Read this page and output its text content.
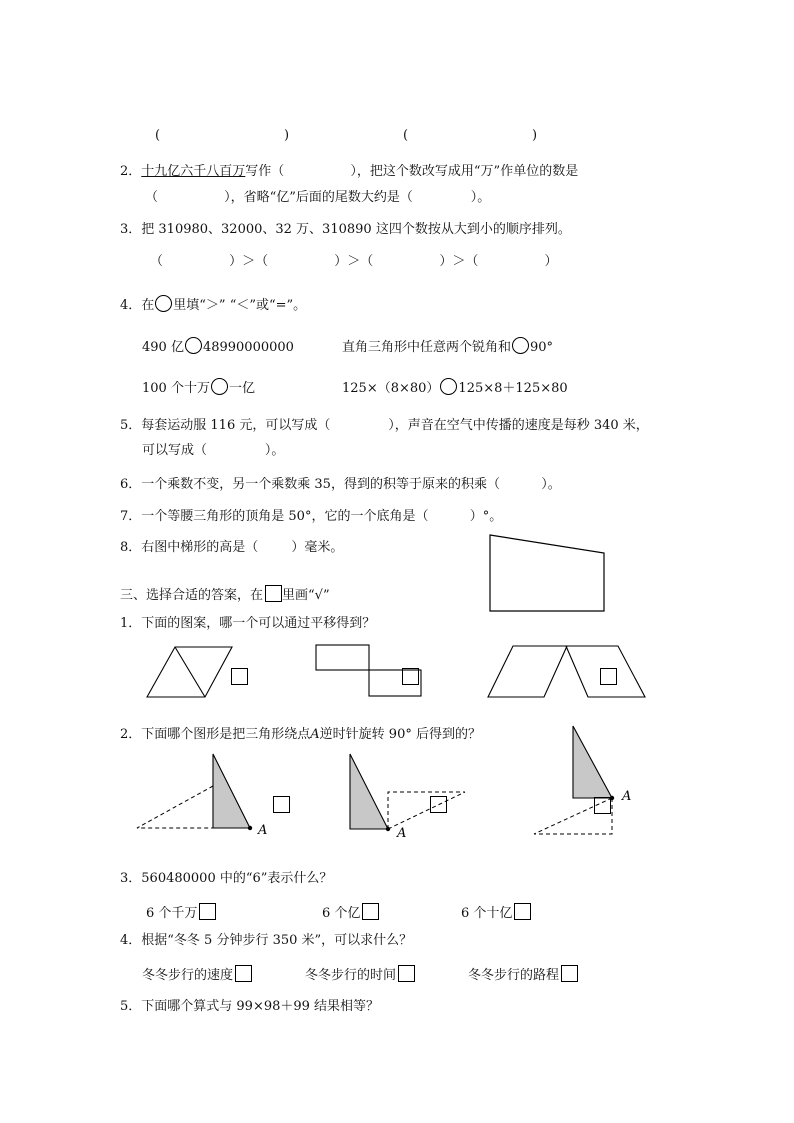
(                              )	(                              )
2．十九亿六千八百万写作（                ），把这个数改写成用“万”作单位的数是
（                ），省略“亿”后面的尾数大约是（              ）。
3．把 310980、32000、32 万、310890 这四个数按从大到小的顺序排列。
（                ）＞（                ）＞（                ）＞（                ）
4．在 里填“＞” “＜”或“=”。
490 亿 48990000000	直角三角形中任意两个锐角和 90°
100 个十万 一亿	125×（8×80） 125×8＋125×80
5．每套运动服 116 元，可以写成（              ），声音在空气中传播的速度是每秒 340 米，
可以写成（              ）。
6．一个乘数不变，另一个乘数乘 35，得到的积等于原来的积乘（          ）。
7．一个等腰三角形的顶角是 50°，它的一个底角是（          ）°。
8．右图中梯形的高是（        ）毫米。
三、选择合适的答案，在 里画“√”
1．下面的图案，哪一个可以通过平移得到？
2．下面哪个图形是把三角形绕点A逆时针旋转 90° 后得到的？
A	A
A
3．560480000 中的“6”表示什么？
6 个千万	6 个亿	6 个十亿
4．根据“冬冬 5 分钟步行 350 米”，可以求什么？
冬冬步行的速度	冬冬步行的时间	冬冬步行的路程
5．下面哪个算式与 99×98＋99 结果相等？
